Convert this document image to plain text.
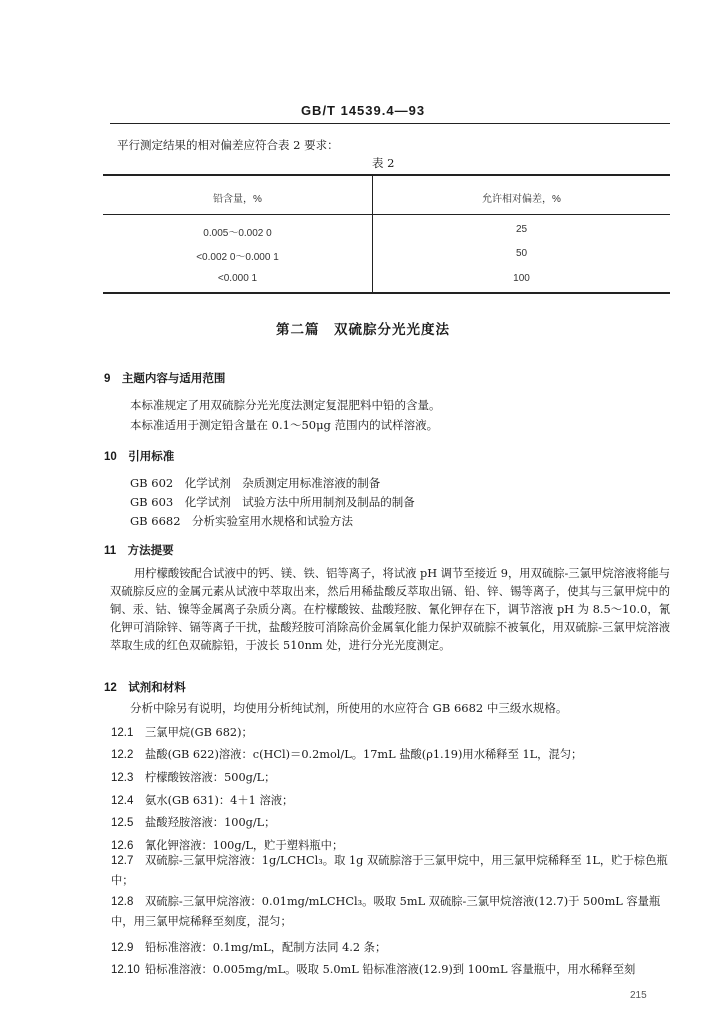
GB/T 14539.4—93
平行测定结果的相对偏差应符合表 2 要求：
表 2
铅含量，%	允许相对偏差，%
0.005～0.002 0	25
<0.002 0～0.000 1	50
<0.000 1	100
第二篇　双硫腙分光光度法
9　主题内容与适用范围
本标准规定了用双硫腙分光光度法测定复混肥料中铅的含量。
本标准适用于测定铅含量在 0.1～50μg 范围内的试样溶液。
10　引用标准
GB 602　化学试剂　杂质测定用标准溶液的制备
GB 603　化学试剂　试验方法中所用制剂及制品的制备
GB 6682　分析实验室用水规格和试验方法
11　方法提要
用柠檬酸铵配合试液中的钙、镁、铁、铝等离子，将试液 pH 调节至接近 9，用双硫腙-三氯甲烷溶液将能与双硫腙反应的金属元素从试液中萃取出来，然后用稀盐酸反萃取出镉、铅、锌、锡等离子，使其与三氯甲烷中的铜、汞、钴、镍等金属离子杂质分离。在柠檬酸铵、盐酸羟胺、氰化钾存在下，调节溶液 pH 为 8.5～10.0，氰化钾可消除锌、镉等离子干扰，盐酸羟胺可消除高价金属氧化能力保护双硫腙不被氧化，用双硫腙-三氯甲烷溶液萃取生成的红色双硫腙铅，于波长 510nm 处，进行分光光度测定。
12　试剂和材料
分析中除另有说明，均使用分析纯试剂，所使用的水应符合 GB 6682 中三级水规格。
12.1 三氯甲烷(GB 682)；
12.2 盐酸(GB 622)溶液：c(HCl)＝0.2mol/L。17mL 盐酸(ρ1.19)用水稀释至 1L，混匀；
12.3 柠檬酸铵溶液：500g/L；
12.4 氨水(GB 631)：4＋1 溶液；
12.5 盐酸羟胺溶液：100g/L；
12.6 氰化钾溶液：100g/L，贮于塑料瓶中；
12.7 双硫腙-三氯甲烷溶液：1g/LCHCl₃。取 1g 双硫腙溶于三氯甲烷中，用三氯甲烷稀释至 1L，贮于棕色瓶中；
12.8 双硫腙-三氯甲烷溶液：0.01mg/mLCHCl₃。吸取 5mL 双硫腙-三氯甲烷溶液(12.7)于 500mL 容量瓶中，用三氯甲烷稀释至刻度，混匀；
12.9 铅标准溶液：0.1mg/mL，配制方法同 4.2 条；
12.10 铅标准溶液：0.005mg/mL。吸取 5.0mL 铅标准溶液(12.9)到 100mL 容量瓶中，用水稀释至刻
215
